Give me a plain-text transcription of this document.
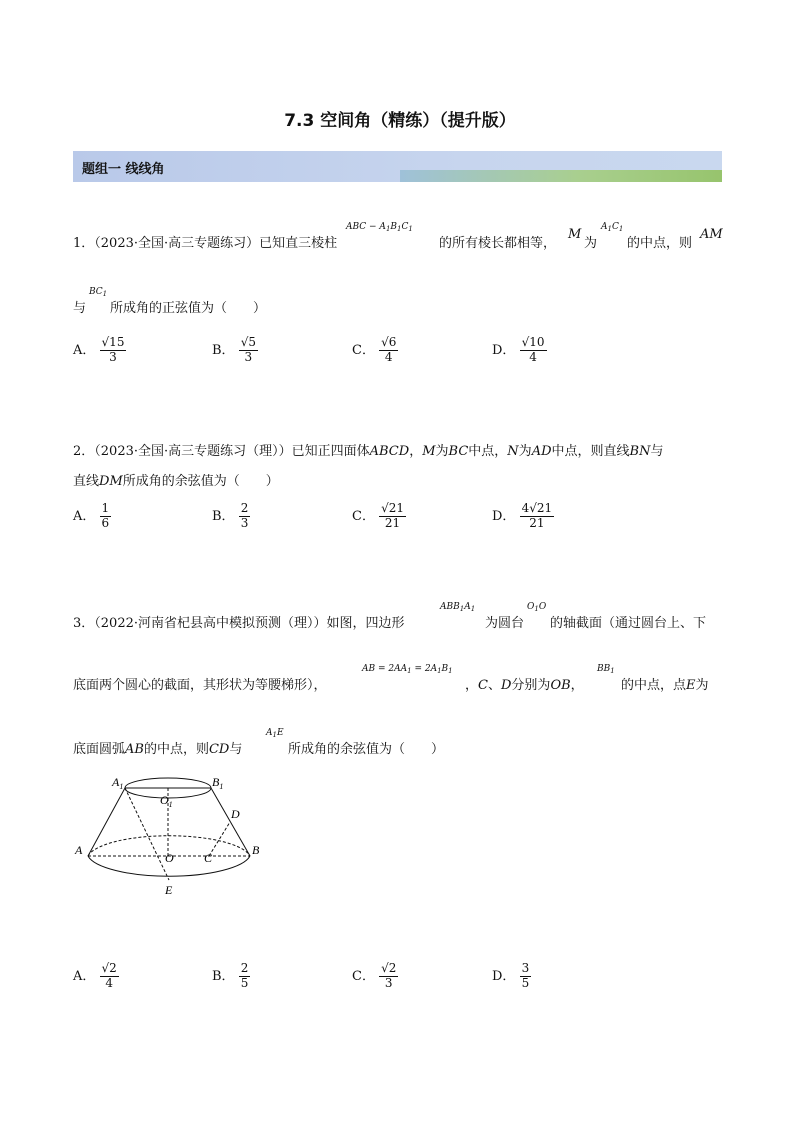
7.3 空间角（精练）（提升版）
题组一 线线角
1．（2023·全国·高三专题练习）已知直三棱柱
ABC − $A_1B_1C_1$
的所有棱长都相等，
M
为
$A_1C_1$
的中点，则
AM
与
$BC_1$
所成角的正弦值为（　　）
A． $\frac{√15}{3}$	B． $\frac{√5}{3}$	C． $\frac{√6}{4}$	D． $\frac{√10}{4}$
2．（2023·全国·高三专题练习（理））已知正四面体ABCD，M为BC中点，N为AD中点，则直线BN与
直线DM所成角的余弦值为（　　）
A． $\frac{1}{6}$	B． $\frac{2}{3}$	C． $\frac{√21}{21}$	D． $\frac{4√21}{21}$
3．（2022·河南省杞县高中模拟预测（理））如图，四边形
$ABB_1A_1$
为圆台
$O_1O$
的轴截面（通过圆台上、下
底面两个圆心的截面，其形状为等腰梯形），
AB = $2AA_1 = 2A_1B_1$
，C、D分别为OB，
$BB_1$
的中点，点E为
底面圆弧AB的中点，则CD与
$A_1E$
所成角的余弦值为（　　）
$A_1$	$B_1$
$O_1$
D
A
O	C
B
E
A． $\frac{√2}{4}$	B． $\frac{2}{5}$	C． $\frac{√2}{3}$	D． $\frac{3}{5}$
